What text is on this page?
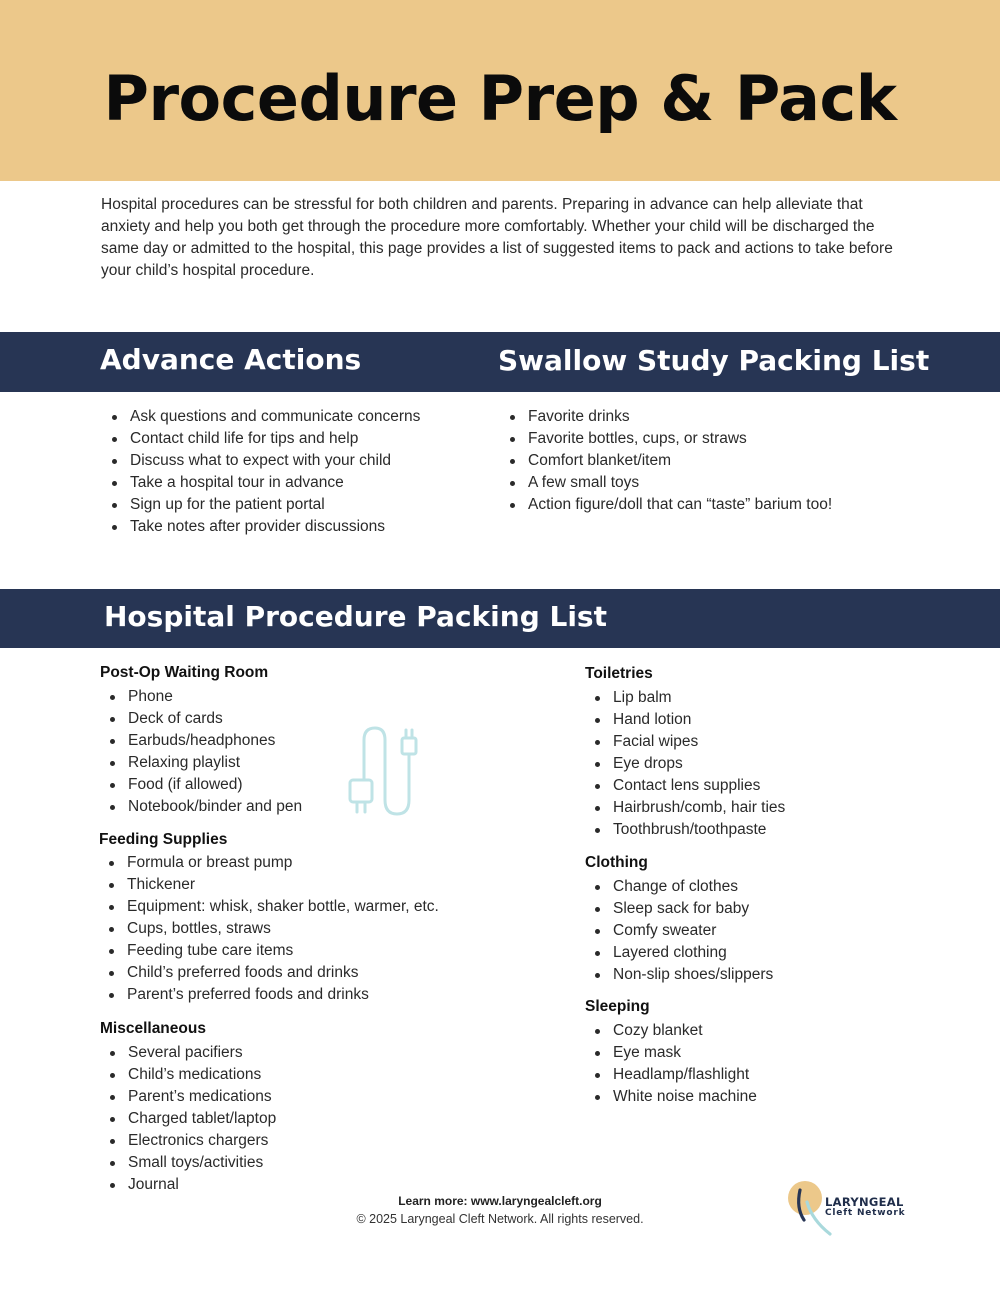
Procedure Prep & Pack

Hospital procedures can be stressful for both children and parents. Preparing in advance can help alleviate that anxiety and help you both get through the procedure more comfortably. Whether your child will be discharged the same day or admitted to the hospital, this page provides a list of suggested items to pack and actions to take before your child’s hospital procedure.

Advance Actions	Swallow Study Packing List
Ask questions and communicate concerns
Contact child life for tips and help
Discuss what to expect with your child
Take a hospital tour in advance
Sign up for the patient portal
Take notes after provider discussions
Favorite drinks
Favorite bottles, cups, or straws
Comfort blanket/item
A few small toys
Action figure/doll that can “taste” barium too!
Hospital Procedure Packing List
Post-Op Waiting Room
Phone
Deck of cards
Earbuds/headphones
Relaxing playlist
Food (if allowed)
Notebook/binder and pen
Feeding Supplies
Formula or breast pump
Thickener
Equipment: whisk, shaker bottle, warmer, etc.
Cups, bottles, straws
Feeding tube care items
Child’s preferred foods and drinks
Parent’s preferred foods and drinks
Miscellaneous
Several pacifiers
Child’s medications
Parent’s medications
Charged tablet/laptop
Electronics chargers
Small toys/activities
Journal
Toiletries
Lip balm
Hand lotion
Facial wipes
Eye drops
Contact lens supplies
Hairbrush/comb, hair ties
Toothbrush/toothpaste
Clothing
Change of clothes
Sleep sack for baby
Comfy sweater
Layered clothing
Non-slip shoes/slippers
Sleeping
Cozy blanket
Eye mask
Headlamp/flashlight
White noise machine
Learn more: www.laryngealcleft.org
© 2025 Laryngeal Cleft Network. All rights reserved.
LARYNGEAL
Cleft Network
